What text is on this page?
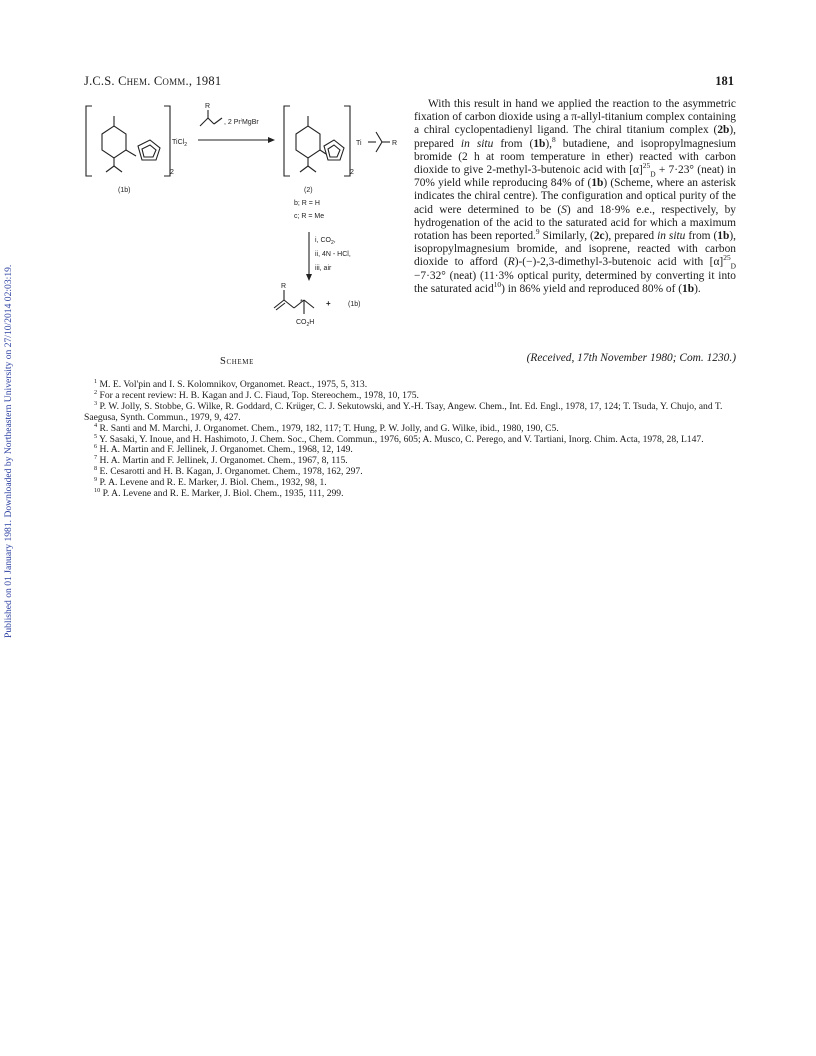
Published on 01 January 1981. Downloaded by Northeastern University on 27/10/2014 02:03:19.
J.C.S. Chem. Comm., 1981	181
2
TiCl$_2$
(1b)
R
, 2 PrⁱMgBr
2
Ti	R
(2)
b; R = H
c; R = Me
i, $CO_2$,
ii, 4N - HCl,
iii, air
*
R
$CO_2H$
+ (1b)

With this result in hand we applied the reaction to the asymmetric fixation of carbon dioxide using a π-allyl-titanium complex containing a chiral cyclopentadienyl ligand. The chiral titanium complex (2b), prepared in situ from (1b),$^8$ butadiene, and isopropylmagnesium bromide (2 h at room temperature in ether) reacted with carbon dioxide to give 2-methyl-3-butenoic acid with $[\alpha]^{25}_D + 7\cdot 23^\circ$ (neat) in 70% yield while reproducing 84% of (1b) (Scheme, where an asterisk indicates the chiral centre). The configuration and optical purity of the acid were determined to be (S) and 18·9% e.e., respectively, by hydrogenation of the acid to the saturated acid for which a maximum rotation has been reported.$^9$ Similarly, (2c), prepared in situ from (1b), isopropylmagnesium bromide, and isoprene, reacted with carbon dioxide to afford (R)-(−)-2,3-dimethyl-3-butenoic acid with $[\alpha]^{25}_D -7\cdot 32^\circ$ (neat) (11·3% optical purity, determined by converting it into the saturated acid$^{10}$) in 86% yield and reproduced 80% of (1b).

Scheme	(Received, 17th November 1980; Com. 1230.)

$^1$ M. E. Vol'pin and I. S. Kolomnikov, Organomet. React., 1975, 5, 313.

$^2$ For a recent review: H. B. Kagan and J. C. Fiaud, Top. Stereochem., 1978, 10, 175.

$^3$ P. W. Jolly, S. Stobbe, G. Wilke, R. Goddard, C. Krüger, C. J. Sekutowski, and Y.-H. Tsay, Angew. Chem., Int. Ed. Engl., 1978, 17, 124; T. Tsuda, Y. Chujo, and T. Saegusa, Synth. Commun., 1979, 9, 427.

$^4$ R. Santi and M. Marchi, J. Organomet. Chem., 1979, 182, 117; T. Hung, P. W. Jolly, and G. Wilke, ibid., 1980, 190, C5.

$^5$ Y. Sasaki, Y. Inoue, and H. Hashimoto, J. Chem. Soc., Chem. Commun., 1976, 605; A. Musco, C. Perego, and V. Tartiani, Inorg. Chim. Acta, 1978, 28, L147.

$^6$ H. A. Martin and F. Jellinek, J. Organomet. Chem., 1968, 12, 149.

$^7$ H. A. Martin and F. Jellinek, J. Organomet. Chem., 1967, 8, 115.

$^8$ E. Cesarotti and H. B. Kagan, J. Organomet. Chem., 1978, 162, 297.

$^9$ P. A. Levene and R. E. Marker, J. Biol. Chem., 1932, 98, 1.

$^{10}$ P. A. Levene and R. E. Marker, J. Biol. Chem., 1935, 111, 299.
